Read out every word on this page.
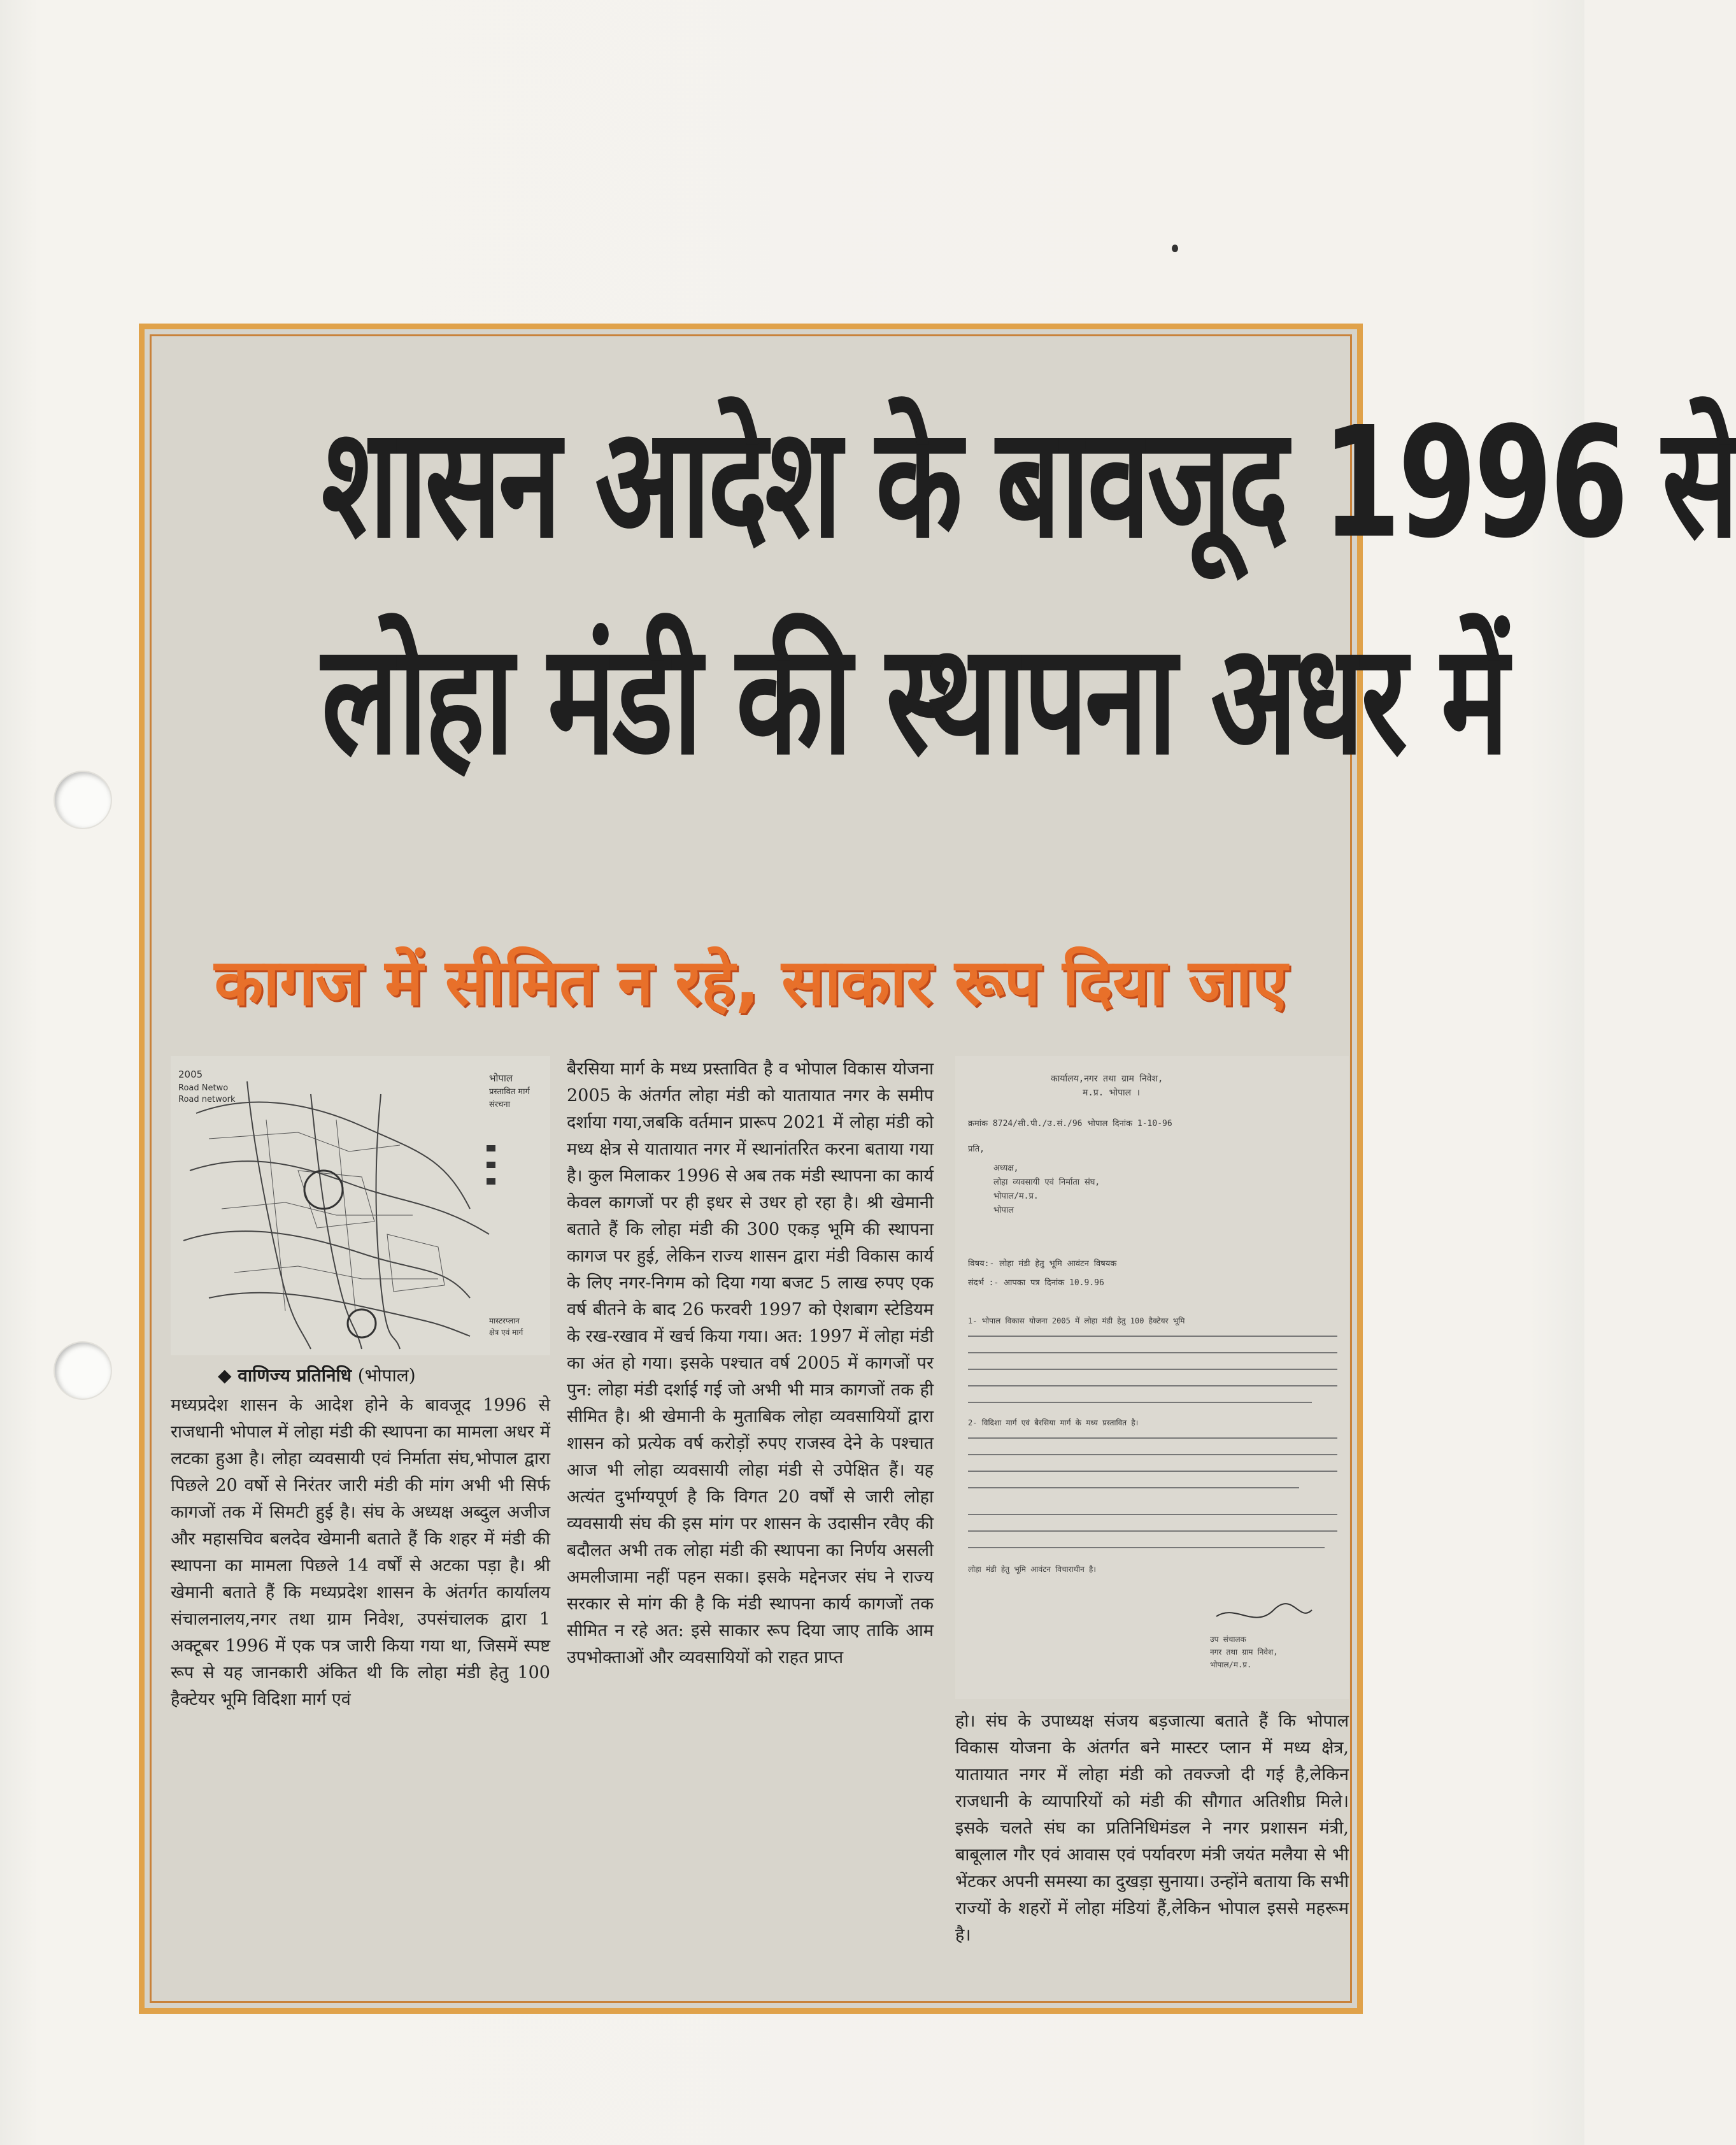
शासन आदेश के बावजूद 1996 से
लोहा मंडी की स्थापना अधर में
कागज में सीमित न रहे, साकार रूप दिया जाए
2005
Road Netwo
Road network
भोपाल
प्रस्तावित मार्ग
संरचना
मास्टरप्लान
क्षेत्र एवं मार्ग
◆ वाणिज्य प्रतिनिधि (भोपाल)

मध्यप्रदेश शासन के आदेश होने के बावजूद 1996 से राजधानी भोपाल में लोहा मंडी की स्थापना का मामला अधर में लटका हुआ है। लोहा व्यवसायी एवं निर्माता संघ,भोपाल द्वारा पिछले 20 वर्षो से निरंतर जारी मंडी की मांग अभी भी सिर्फ कागजों तक में सिमटी हुई है। संघ के अध्यक्ष अब्दुल अजीज और महासचिव बलदेव खेमानी बताते हैं कि शहर में मंडी की स्थापना का मामला पिछले 14 वर्षों से अटका पड़ा है। श्री खेमानी बताते हैं कि मध्यप्रदेश शासन के अंतर्गत कार्यालय संचालनालय,नगर तथा ग्राम निवेश, उपसंचालक द्वारा 1 अक्टूबर 1996 में एक पत्र जारी किया गया था, जिसमें स्पष्ट रूप से यह जानकारी अंकित थी कि लोहा मंडी हेतु 100 हैक्टेयर भूमि विदिशा मार्ग एवं

बैरसिया मार्ग के मध्य प्रस्तावित है व भोपाल विकास योजना 2005 के अंतर्गत लोहा मंडी को यातायात नगर के समीप दर्शाया गया,जबकि वर्तमान प्रारूप 2021 में लोहा मंडी को मध्य क्षेत्र से यातायात नगर में स्थानांतरित करना बताया गया है। कुल मिलाकर 1996 से अब तक मंडी स्थापना का कार्य केवल कागजों पर ही इधर से उधर हो रहा है। श्री खेमानी बताते हैं कि लोहा मंडी की 300 एकड़ भूमि की स्थापना कागज पर हुई, लेकिन राज्य शासन द्वारा मंडी विकास कार्य के लिए नगर-निगम को दिया गया बजट 5 लाख रुपए एक वर्ष बीतने के बाद 26 फरवरी 1997 को ऐशबाग स्टेडियम के रख-रखाव में खर्च किया गया। अत: 1997 में लोहा मंडी का अंत हो गया। इसके पश्चात वर्ष 2005 में कागजों पर पुन: लोहा मंडी दर्शाई गई जो अभी भी मात्र कागजों तक ही सीमित है। श्री खेमानी के मुताबिक लोहा व्यवसायियों द्वारा शासन को प्रत्येक वर्ष करोड़ों रुपए राजस्व देने के पश्चात आज भी लोहा व्यवसायी लोहा मंडी से उपेक्षित हैं। यह अत्यंत दुर्भाग्यपूर्ण है कि विगत 20 वर्षों से जारी लोहा व्यवसायी संघ की इस मांग पर शासन के उदासीन रवैए की बदौलत अभी तक लोहा मंडी की स्थापना का निर्णय असली अमलीजामा नहीं पहन सका। इसके मद्देनजर संघ ने राज्य सरकार से मांग की है कि मंडी स्थापना कार्य कागजों तक सीमित न रहे अत: इसे साकार रूप दिया जाए ताकि आम उपभोक्ताओं और व्यवसायियों को राहत प्राप्त

कार्यालय,नगर तथा ग्राम निवेश,
म.प्र. भोपाल ।
क्रमांक 8724/सी.पी./उ.सं./96 भोपाल दिनांक 1-10-96
प्रति,
अध्यक्ष,
लोहा व्यवसायी एवं निर्माता संघ,
भोपाल/म.प्र.
भोपाल
विषय:- लोहा मंडी हेतु भूमि आवंटन विषयक
संदर्भ :- आपका पत्र दिनांक 10.9.96
1- भोपाल विकास योजना 2005 में लोहा मंडी हेतु 100 हैक्टेयर भूमि
2- विदिशा मार्ग एवं बैरसिया मार्ग के मध्य प्रस्तावित है।
लोहा मंडी हेतु भूमि आवंटन विचाराधीन है।
उप संचालक
नगर तथा ग्राम निवेश,
भोपाल/म.प्र.

हो। संघ के उपाध्यक्ष संजय बड़जात्या बताते हैं कि भोपाल विकास योजना के अंतर्गत बने मास्टर प्लान में मध्य क्षेत्र, यातायात नगर में लोहा मंडी को तवज्जो दी गई है,लेकिन राजधानी के व्यापारियों को मंडी की सौगात अतिशीघ्र मिले। इसके चलते संघ का प्रतिनिधिमंडल ने नगर प्रशासन मंत्री, बाबूलाल गौर एवं आवास एवं पर्यावरण मंत्री जयंत मलैया से भी भेंटकर अपनी समस्या का दुखड़ा सुनाया। उन्होंने बताया कि सभी राज्यों के शहरों में लोहा मंडियां हैं,लेकिन भोपाल इससे महरूम है।
